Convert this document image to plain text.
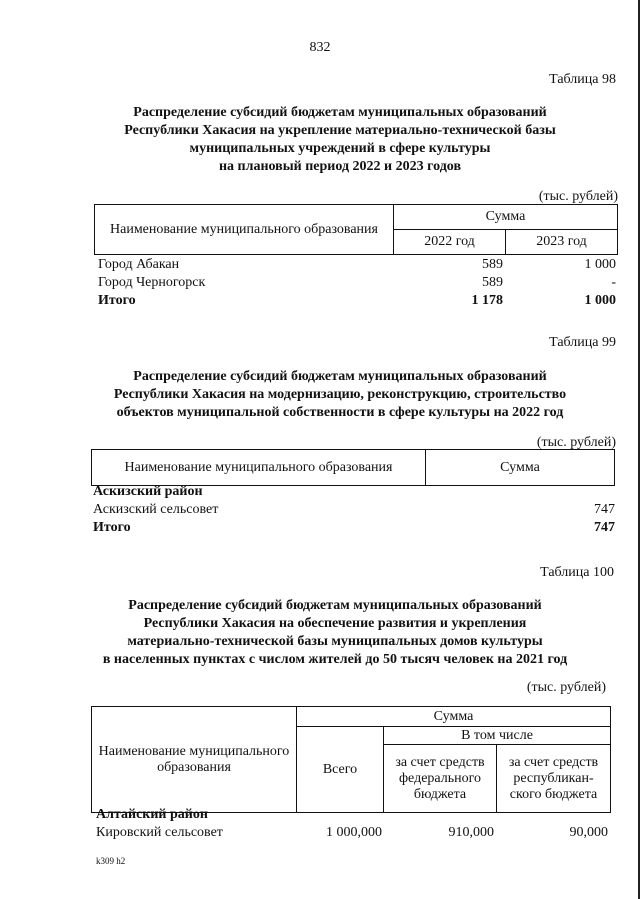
832
Таблица 98
Распределение субсидий бюджетам муниципальных образований
Республики Хакасия на укрепление материально-технической базы
муниципальных учреждений в сфере культуры
на плановый период 2022 и 2023 годов
(тыс. рублей)
Наименование муниципального образования	Сумма	
	2022 год	2023 год
Город Абакан	589	1 000
Город Черногорск	589	-
Итого	1 178	1 000
Таблица 99
Распределение субсидий бюджетам муниципальных образований
Республики Хакасия на модернизацию, реконструкцию, строительство
объектов муниципальной собственности в сфере культуры на 2022 год
(тыс. рублей)
Наименование муниципального образования	Сумма
Аскизский район
Аскизский сельсовет	747
Итого	747
Таблица 100
Распределение субсидий бюджетам муниципальных образований
Республики Хакасия на обеспечение развития и укрепления
материально-технической базы муниципальных домов культуры
в населенных пунктах с числом жителей до 50 тысяч человек на 2021 год
(тыс. рублей)
Наименование муниципального образования	Сумма		
	Всего	В том числе	
		за счет средств федерального бюджета	за счет средств республикан- ского бюджета
Алтайский район
Кировский сельсовет	1 000,000	910,000	90,000
k309 h2
